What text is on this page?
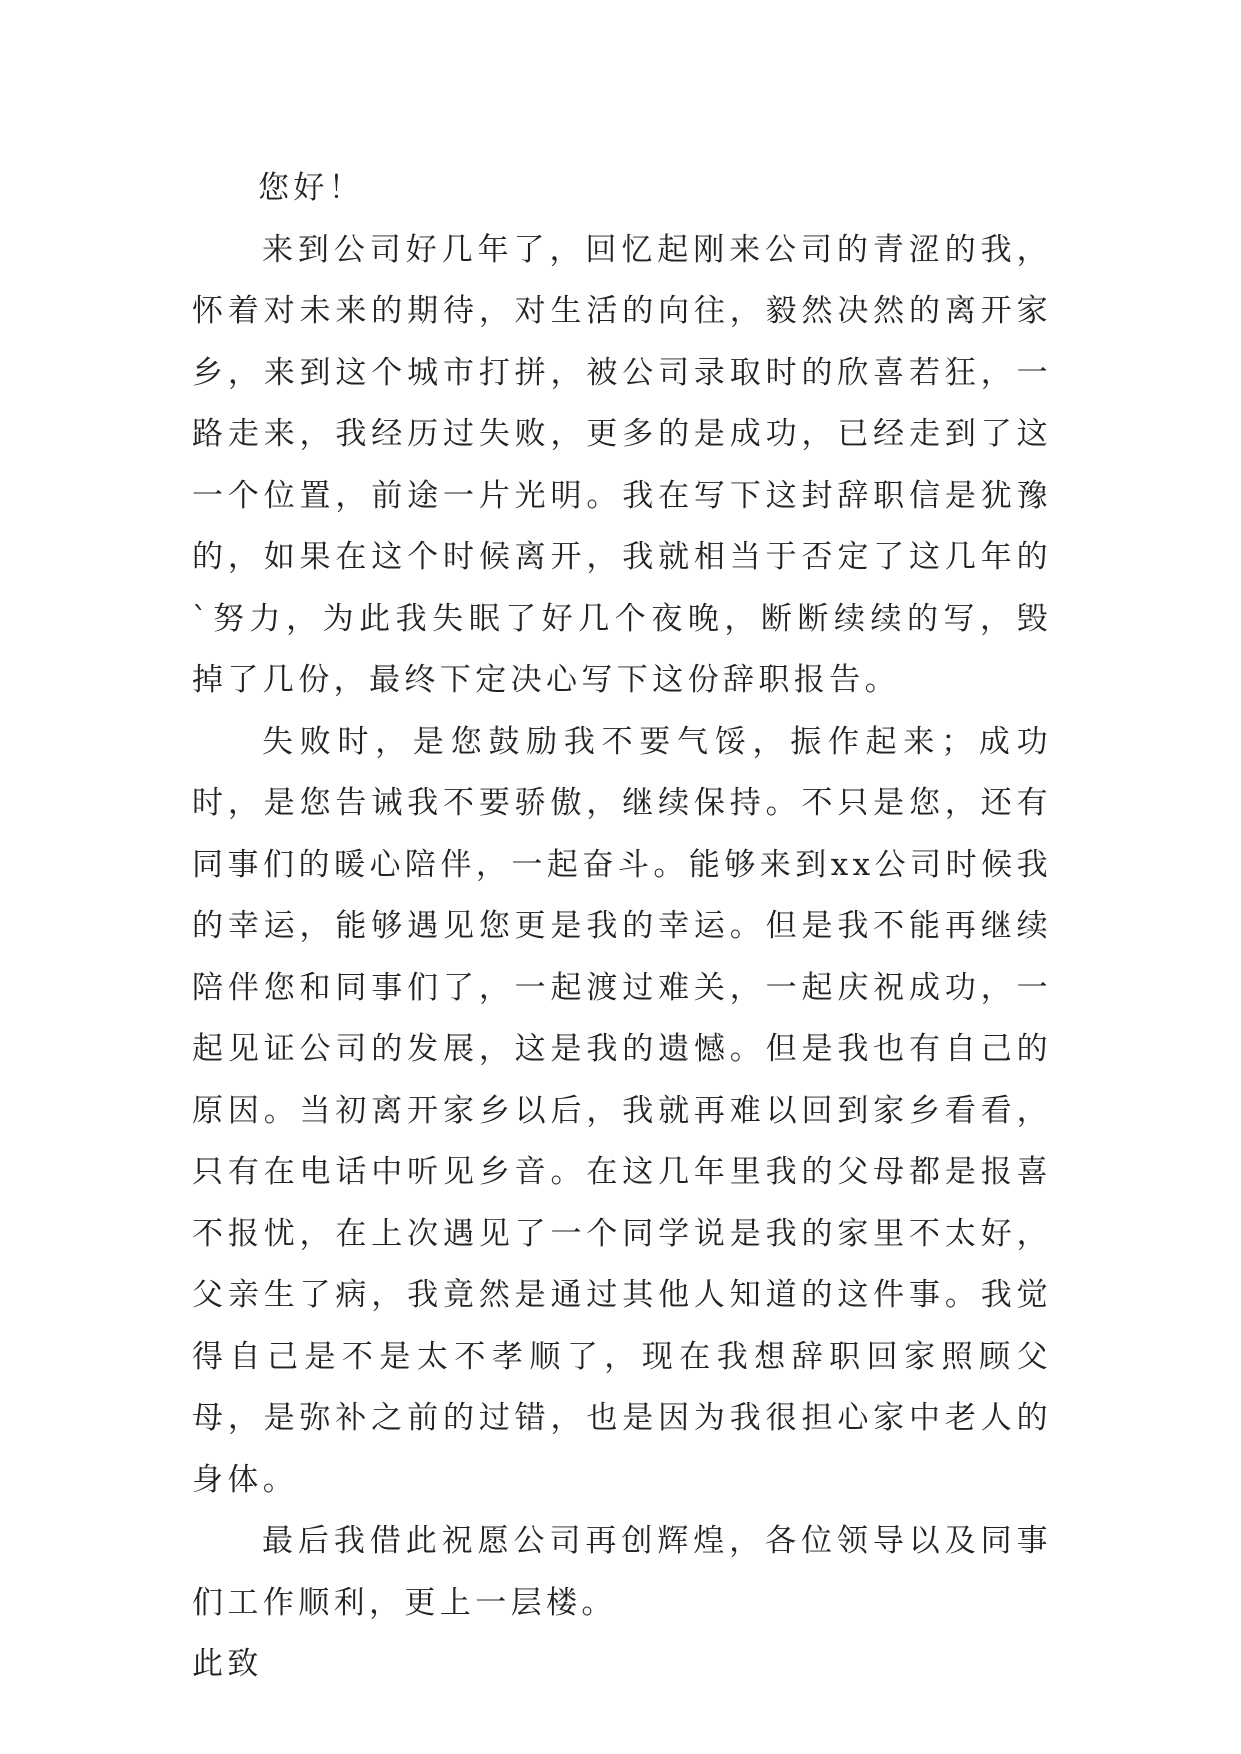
您好！

来到公司好几年了，回忆起刚来公司的青涩的我，怀着对未来的期待，对生活的向往，毅然决然的离开家乡，来到这个城市打拼，被公司录取时的欣喜若狂，一路走来，我经历过失败，更多的是成功，已经走到了这一个位置，前途一片光明。我在写下这封辞职信是犹豫的，如果在这个时候离开，我就相当于否定了这几年的`努力，为此我失眠了好几个夜晚，断断续续的写，毁掉了几份，最终下定决心写下这份辞职报告。

失败时，是您鼓励我不要气馁，振作起来；成功时，是您告诫我不要骄傲，继续保持。不只是您，还有同事们的暖心陪伴，一起奋斗。能够来到xx公司时候我的幸运，能够遇见您更是我的幸运。但是我不能再继续陪伴您和同事们了，一起渡过难关，一起庆祝成功，一起见证公司的发展，这是我的遗憾。但是我也有自己的原因。当初离开家乡以后，我就再难以回到家乡看看，只有在电话中听见乡音。在这几年里我的父母都是报喜不报忧，在上次遇见了一个同学说是我的家里不太好，父亲生了病，我竟然是通过其他人知道的这件事。我觉得自己是不是太不孝顺了，现在我想辞职回家照顾父母，是弥补之前的过错，也是因为我很担心家中老人的身体。

最后我借此祝愿公司再创辉煌，各位领导以及同事们工作顺利，更上一层楼。

此致
